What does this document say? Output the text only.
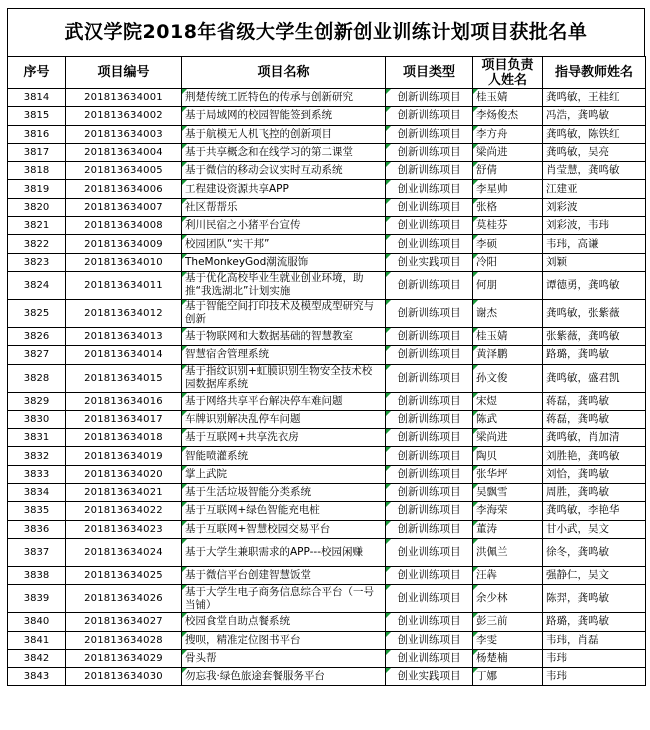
武汉学院2018年省级大学生创新创业训练计划项目获批名单
序号	项目编号	项目名称	项目类型	项目负责人姓名	指导教师姓名
3814	201813634001	荆楚传统工匠特色的传承与创新研究	创新训练项目	桂玉婧	龚鸣敏，王桂红
3815	201813634002	基于局域网的校园智能签到系统	创新训练项目	李炀俊杰	冯浩，龚鸣敏
3816	201813634003	基于航模无人机飞控的创新项目	创新训练项目	李方舟	龚鸣敏，陈铁红
3817	201813634004	基于共享概念和在线学习的第二课堂	创新训练项目	梁尚进	龚鸣敏，吴亮
3818	201813634005	基于微信的移动会议实时互动系统	创新训练项目	舒倩	肖莹慧，龚鸣敏
3819	201813634006	工程建设资源共享APP	创业训练项目	李星帅	江建亚
3820	201813634007	社区帮帮乐	创业训练项目	张格	刘彩波
3821	201813634008	利川民宿之小猪平台宣传	创业训练项目	莫桂芬	刘彩波，韦玮
3822	201813634009	校园团队“实干邦”	创业训练项目	李硕	韦玮，高谦
3823	201813634010	TheMonkeyGod潮流服饰	创业实践项目	冷阳	刘颖
3824	201813634011	基于优化高校毕业生就业创业环境，助推“我选湖北”计划实施	创新训练项目	何朋	谭德勇，龚鸣敏
3825	201813634012	基于智能空间打印技术及模型成型研究与创新	创新训练项目	谢杰	龚鸣敏，张紫薇
3826	201813634013	基于物联网和大数据基础的智慧教室	创新训练项目	桂玉婧	张紫薇，龚鸣敏
3827	201813634014	智慧宿舍管理系统	创新训练项目	黄泽鹏	路璐，龚鸣敏
3828	201813634015	基于指纹识别+虹膜识别生物安全技术校园数据库系统	创新训练项目	孙文俊	龚鸣敏，盛君凯
3829	201813634016	基于网络共享平台解决停车难问题	创新训练项目	宋煜	蒋磊，龚鸣敏
3830	201813634017	车牌识别解决乱停车问题	创新训练项目	陈武	蒋磊，龚鸣敏
3831	201813634018	基于互联网+共享洗衣房	创新训练项目	梁尚进	龚鸣敏，肖加清
3832	201813634019	智能喷灌系统	创新训练项目	陶贝	刘胜艳，龚鸣敏
3833	201813634020	掌上武院	创新训练项目	张华坪	刘恰，龚鸣敏
3834	201813634021	基于生活垃圾智能分类系统	创新训练项目	吴飘雪	周胜，龚鸣敏
3835	201813634022	基于互联网+绿色智能充电桩	创新训练项目	李海荣	龚鸣敏，李艳华
3836	201813634023	基于互联网+智慧校园交易平台	创新训练项目	董涛	甘小武，吴文
3837	201813634024	基于大学生兼职需求的APP---校园闲赚	创业训练项目	洪佩兰	徐冬，龚鸣敏
3838	201813634025	基于微信平台创建智慧饭堂	创业训练项目	汪犇	强静仁，吴文
3839	201813634026	基于大学生电子商务信息综合平台（一号当铺）	创业训练项目	余少林	陈羿，龚鸣敏
3840	201813634027	校园食堂自助点餐系统	创业训练项目	彭三前	路璐，龚鸣敏
3841	201813634028	搜呗，精准定位图书平台	创业训练项目	李雯	韦玮，肖磊
3842	201813634029	骨头帮	创业训练项目	杨楚楠	韦玮
3843	201813634030	勿忘我·绿色旅途套餐服务平台	创业实践项目	丁娜	韦玮
